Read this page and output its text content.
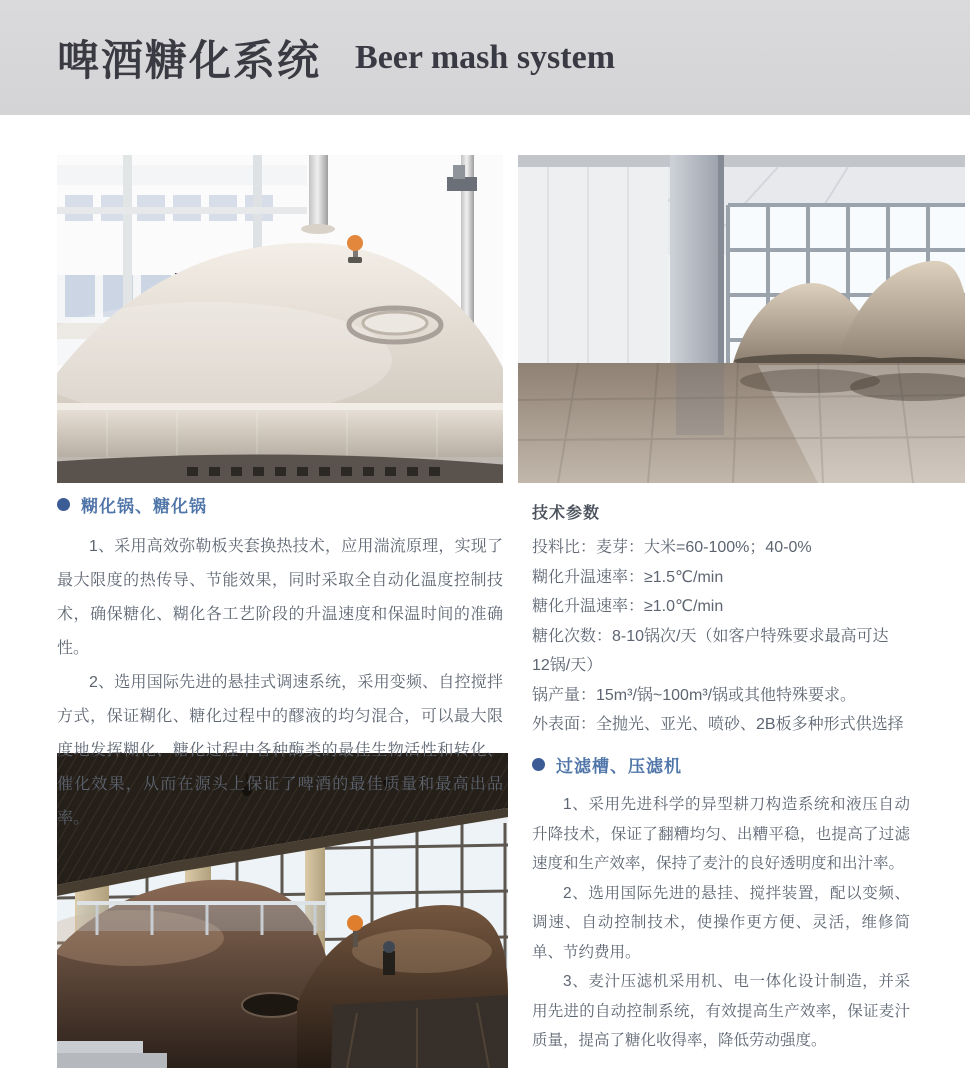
啤酒糖化系统 Beer mash system
糊化锅、糖化锅

1、采用高效弥勒板夹套换热技术，应用湍流原理，实现了最大限度的热传导、节能效果，同时采取全自动化温度控制技术，确保糖化、糊化各工艺阶段的升温速度和保温时间的准确性。

2、选用国际先进的悬挂式调速系统，采用变频、自控搅拌方式，保证糊化、糖化过程中的醪液的均匀混合，可以最大限度地发挥糊化、糖化过程中各种酶类的最佳生物活性和转化、催化效果，从而在源头上保证了啤酒的最佳质量和最高出品率。

技术参数

投料比：麦芽：大米=60-100%；40-0%

糊化升温速率：≥1.5℃/min

糖化升温速率：≥1.0℃/min

糖化次数：8-10锅次/天（如客户特殊要求最高可达

12锅/天）

锅产量：15m³/锅~100m³/锅或其他特殊要求。

外表面：全抛光、亚光、喷砂、2B板多种形式供选择

过滤槽、压滤机

1、采用先进科学的异型耕刀构造系统和液压自动升降技术，保证了翻糟均匀、出糟平稳，也提高了过滤速度和生产效率，保持了麦汁的良好透明度和出汁率。

2、选用国际先进的悬挂、搅拌装置，配以变频、调速、自动控制技术，使操作更方便、灵活，维修简单、节约费用。

3、麦汁压滤机采用机、电一体化设计制造，并采用先进的自动控制系统，有效提高生产效率，保证麦汁质量，提高了糖化收得率，降低劳动强度。
